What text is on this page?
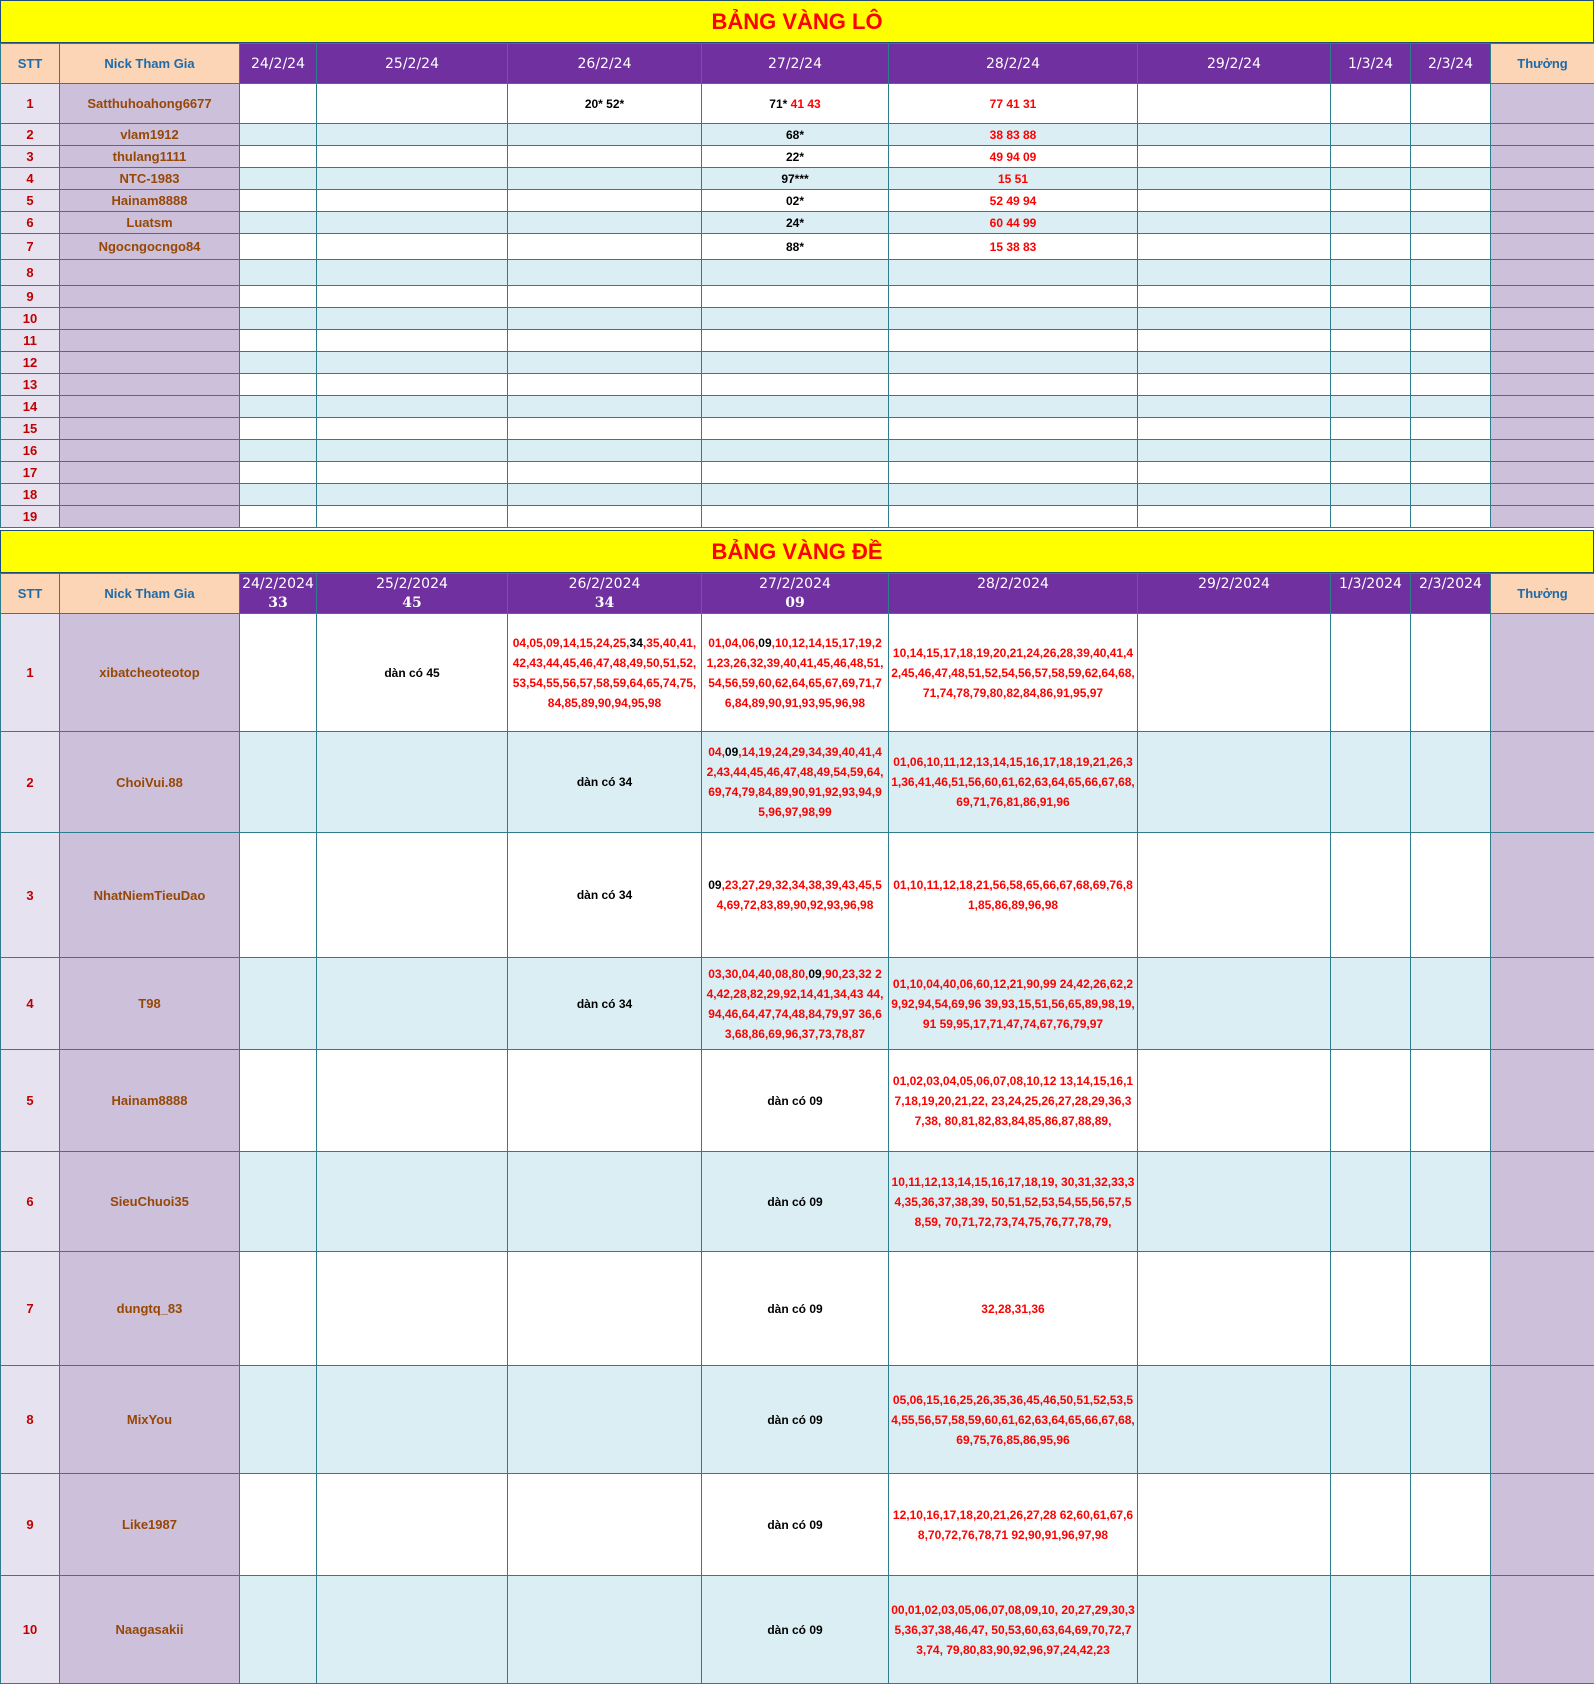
BẢNG VÀNG LÔ
STT	Nick Tham Gia	24/2/24	25/2/24	26/2/24	27/2/24	28/2/24	29/2/24	1/3/24	2/3/24	Thưởng
1	Satthuhoahong6677			20* 52*	71* 41 43	77 41 31				
2	vlam1912				68*	38 83 88				
3	thulang1111				22*	49 94 09				
4	NTC-1983				97***	15 51				
5	Hainam8888				02*	52 49 94				
6	Luatsm				24*	60 44 99				
7	Ngocngocngo84				88*	15 38 83				
8										
9										
10										
11										
12										
13										
14										
15										
16										
17										
18										
19										
BẢNG VÀNG ĐỀ
STT	Nick Tham Gia	24/2/2024	25/2/2024	26/2/2024	27/2/2024	28/2/2024	29/2/2024	1/3/2024	2/3/2024	Thưởng
		33	45	34	09					
1	xibatcheoteotop		dàn có 45	04,05,09,14,15,24,25,34,35,40,41,42,43,44,45,46,47,48,49,50,51,52,53,54,55,56,57,58,59,64,65,74,75,84,85,89,90,94,95,98	01,04,06,09,10,12,14,15,17,19,21,23,26,32,39,40,41,45,46,48,51,54,56,59,60,62,64,65,67,69,71,76,84,89,90,91,93,95,96,98	10,14,15,17,18,19,20,21,24,26,28,39,40,41,42,45,46,47,48,51,52,54,56,57,58,59,62,64,68,71,74,78,79,80,82,84,86,91,95,97				
2	ChoiVui.88			dàn có 34	04,09,14,19,24,29,34,39,40,41,42,43,44,45,46,47,48,49,54,59,64,69,74,79,84,89,90,91,92,93,94,95,96,97,98,99	01,06,10,11,12,13,14,15,16,17,18,19,21,26,31,36,41,46,51,56,60,61,62,63,64,65,66,67,68,69,71,76,81,86,91,96				
3	NhatNiemTieuDao			dàn có 34	09,23,27,29,32,34,38,39,43,45,54,69,72,83,89,90,92,93,96,98	01,10,11,12,18,21,56,58,65,66,67,68,69,76,81,85,86,89,96,98				
4	T98			dàn có 34	03,30,04,40,08,80,09,90,23,32 24,42,28,82,29,92,14,41,34,43 44,94,46,64,47,74,48,84,79,97 36,63,68,86,69,96,37,73,78,87	01,10,04,40,06,60,12,21,90,99 24,42,26,62,29,92,94,54,69,96 39,93,15,51,56,65,89,98,19,91 59,95,17,71,47,74,67,76,79,97				
5	Hainam8888				dàn có 09	01,02,03,04,05,06,07,08,10,12 13,14,15,16,17,18,19,20,21,22, 23,24,25,26,27,28,29,36,37,38, 80,81,82,83,84,85,86,87,88,89,				
6	SieuChuoi35				dàn có 09	10,11,12,13,14,15,16,17,18,19, 30,31,32,33,34,35,36,37,38,39, 50,51,52,53,54,55,56,57,58,59, 70,71,72,73,74,75,76,77,78,79,				
7	dungtq_83				dàn có 09	32,28,31,36				
8	MixYou				dàn có 09	05,06,15,16,25,26,35,36,45,46,50,51,52,53,54,55,56,57,58,59,60,61,62,63,64,65,66,67,68,69,75,76,85,86,95,96				
9	Like1987				dàn có 09	12,10,16,17,18,20,21,26,27,28 62,60,61,67,68,70,72,76,78,71 92,90,91,96,97,98				
10	Naagasakii				dàn có 09	00,01,02,03,05,06,07,08,09,10, 20,27,29,30,35,36,37,38,46,47, 50,53,60,63,64,69,70,72,73,74, 79,80,83,90,92,96,97,24,42,23				
